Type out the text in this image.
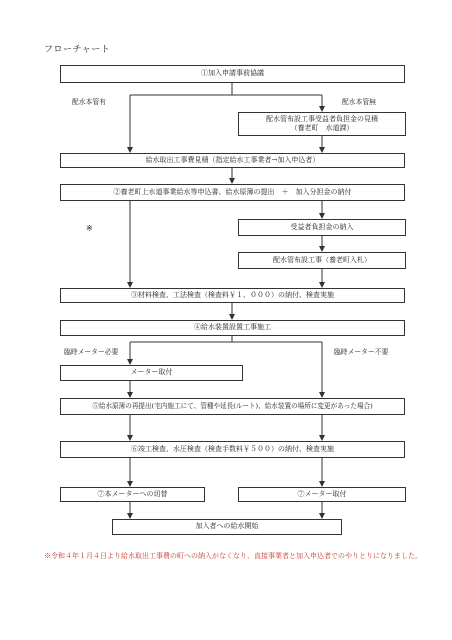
フローチャート
①加入申請事前協議
配水本管有	配水本管無
配水管布設工事受益者負担金の見積
（養老町　水道課）
給水取出工事費見積（指定給水工事業者→加入申込者）
②養老町上水道事業給水等申込書、給水原簿の提出　＋　加入分担金の納付
※	受益者負担金の納入
配水管布設工事（養老町入札）
③材料検査、工法検査（検査料￥１、０００）の納付、検査実施
④給水装置設置工事施工
臨時メーター必要	臨時メーター不要
メーター取付
⑤給水原簿の再提出(宅内施工にて、管種や延長(ルート)、給水装置の場所に変更があった場合)
⑥竣工検査、水圧検査（検査手数料￥５００）の納付、検査実施
⑦本メーターへの切替	⑦メーター取付
加入者への給水開始
※令和４年１月４日より給水取出工事費の町への納入がなくなり、直接事業者と加入申込者でのやりとりになりました。
